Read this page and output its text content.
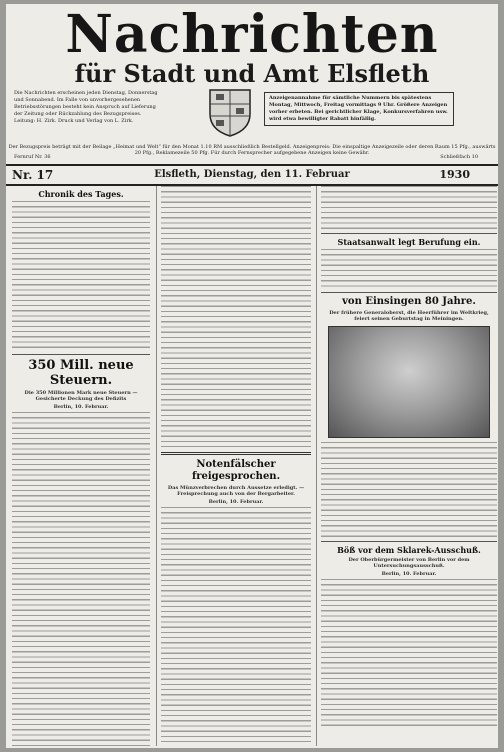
Nachrichten
für Stadt und Amt Elsfleth
Die Nachrichten erscheinen jeden Dienstag, Donnerstag und Sonnabend. Im Falle von unvorhergesehenen Betriebsstörungen besteht kein Anspruch auf Lieferung der Zeitung oder Rückzahlung des Bezugspreises. Leitung: H. Zirk. Druck und Verlag von L. Zirk.
Anzeigenannahme für sämtliche Nummern bis spätestens Montag, Mittwoch, Freitag vormittags 9 Uhr. Größere Anzeigen vorher erbeten. Bei gerichtlicher Klage, Konkursverfahren usw. wird etwa bewilligter Rabatt hinfällig.
Der Bezugspreis beträgt mit der Beilage „Heimat und Welt“ für den Monat 1.10 RM ausschließlich Bestellgeld. Anzeigenpreis: Die einspaltige Anzeigezeile oder deren Raum 15 Pfg., auswärts 20 Pfg., Reklamezeile 50 Pfg. Für durch Fernsprecher aufgegebene Anzeigen keine Gewähr.
Fernruf Nr. 36	Schließfach 10
Nr. 17	Elsfleth, Dienstag, den 11. Februar	1930
Chronik des Tages.
350 Mill. neue Steuern.
Die 350 Millionen Mark neue Steuern — Gesicherte Deckung des Defizits
Berlin, 10. Februar.
Notenfälscher freigesprochen.
Das Münzverbrechen durch Aussetze erledigt. — Freisprechung auch von der Bergarbeiter.
Berlin, 10. Februar.
Staatsanwalt legt Berufung ein.
von Einsingen 80 Jahre.
Der frühere Generaloberst, die Heerführer im Weltkrieg, feiert seinen Geburtstag in Meiningen.
Böß vor dem Sklarek-Ausschuß.
Der Oberbürgermeister von Berlin vor dem Untersuchungsausschuß.
Berlin, 10. Februar.
